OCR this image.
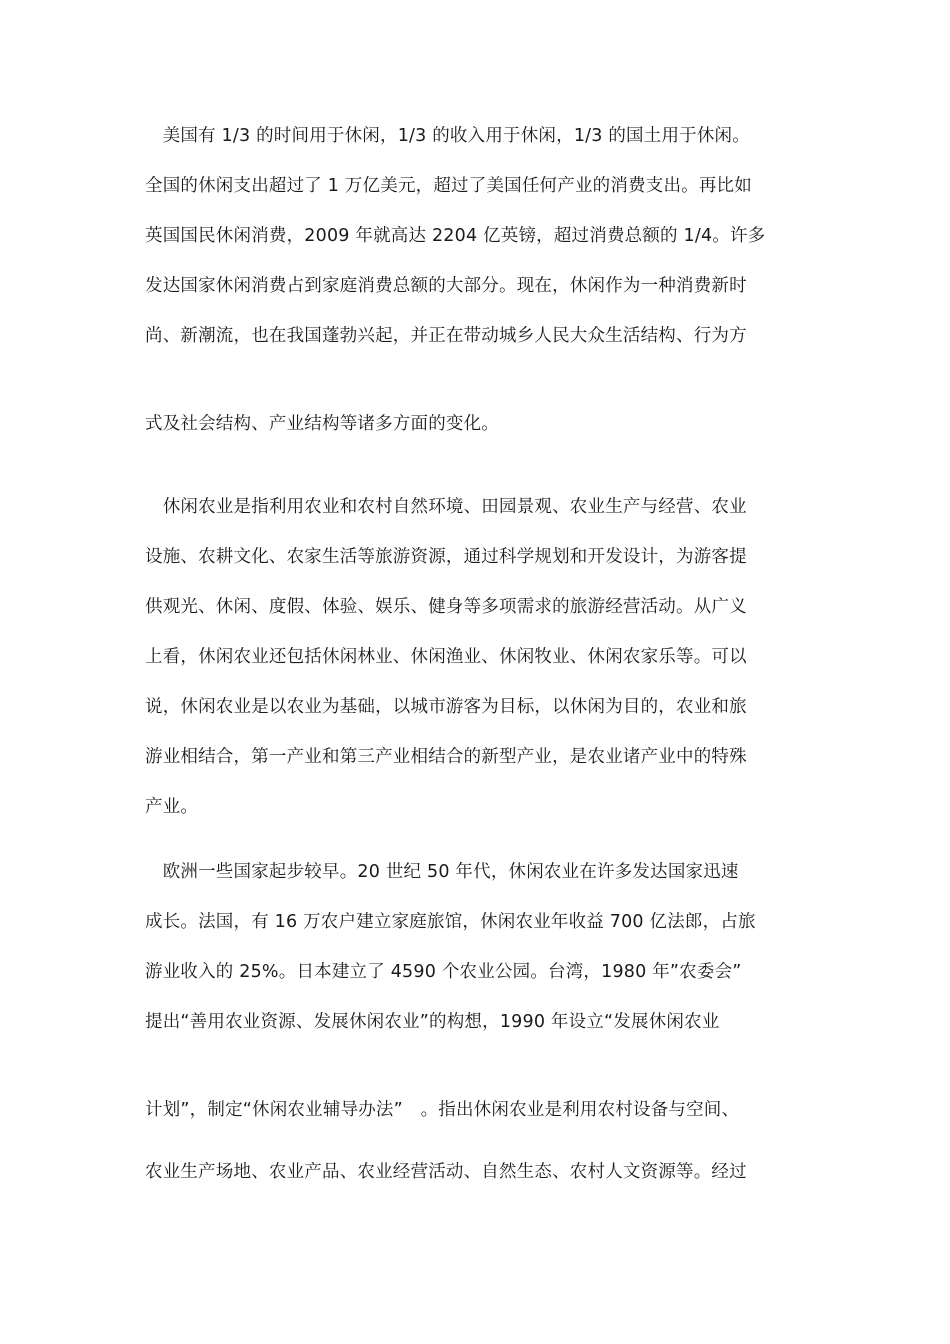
　美国有 1/3 的时间用于休闲，1/3 的收入用于休闲，1/3 的国土用于休闲。
全国的休闲支出超过了 1 万亿美元，超过了美国任何产业的消费支出。再比如
英国国民休闲消费，2009 年就高达 2204 亿英镑，超过消费总额的 1/4。许多
发达国家休闲消费占到家庭消费总额的大部分。现在，休闲作为一种消费新时
尚、新潮流，也在我国蓬勃兴起，并正在带动城乡人民大众生活结构、行为方
式及社会结构、产业结构等诸多方面的变化。
　休闲农业是指利用农业和农村自然环境、田园景观、农业生产与经营、农业
设施、农耕文化、农家生活等旅游资源，通过科学规划和开发设计，为游客提
供观光、休闲、度假、体验、娱乐、健身等多项需求的旅游经营活动。从广义
上看，休闲农业还包括休闲林业、休闲渔业、休闲牧业、休闲农家乐等。可以
说，休闲农业是以农业为基础，以城市游客为目标，以休闲为目的，农业和旅
游业相结合，第一产业和第三产业相结合的新型产业，是农业诸产业中的特殊
产业。
　欧洲一些国家起步较早。20 世纪 50 年代，休闲农业在许多发达国家迅速
成长。法国，有 16 万农户建立家庭旅馆，休闲农业年收益 700 亿法郎，占旅
游业收入的 25%。日本建立了 4590 个农业公园。台湾，1980 年”农委会”
提出“善用农业资源、发展休闲农业”的构想，1990 年设立“发展休闲农业
计划”，制定“休闲农业辅导办法”　。指出休闲农业是利用农村设备与空间、
农业生产场地、农业产品、农业经营活动、自然生态、农村人文资源等。经过
